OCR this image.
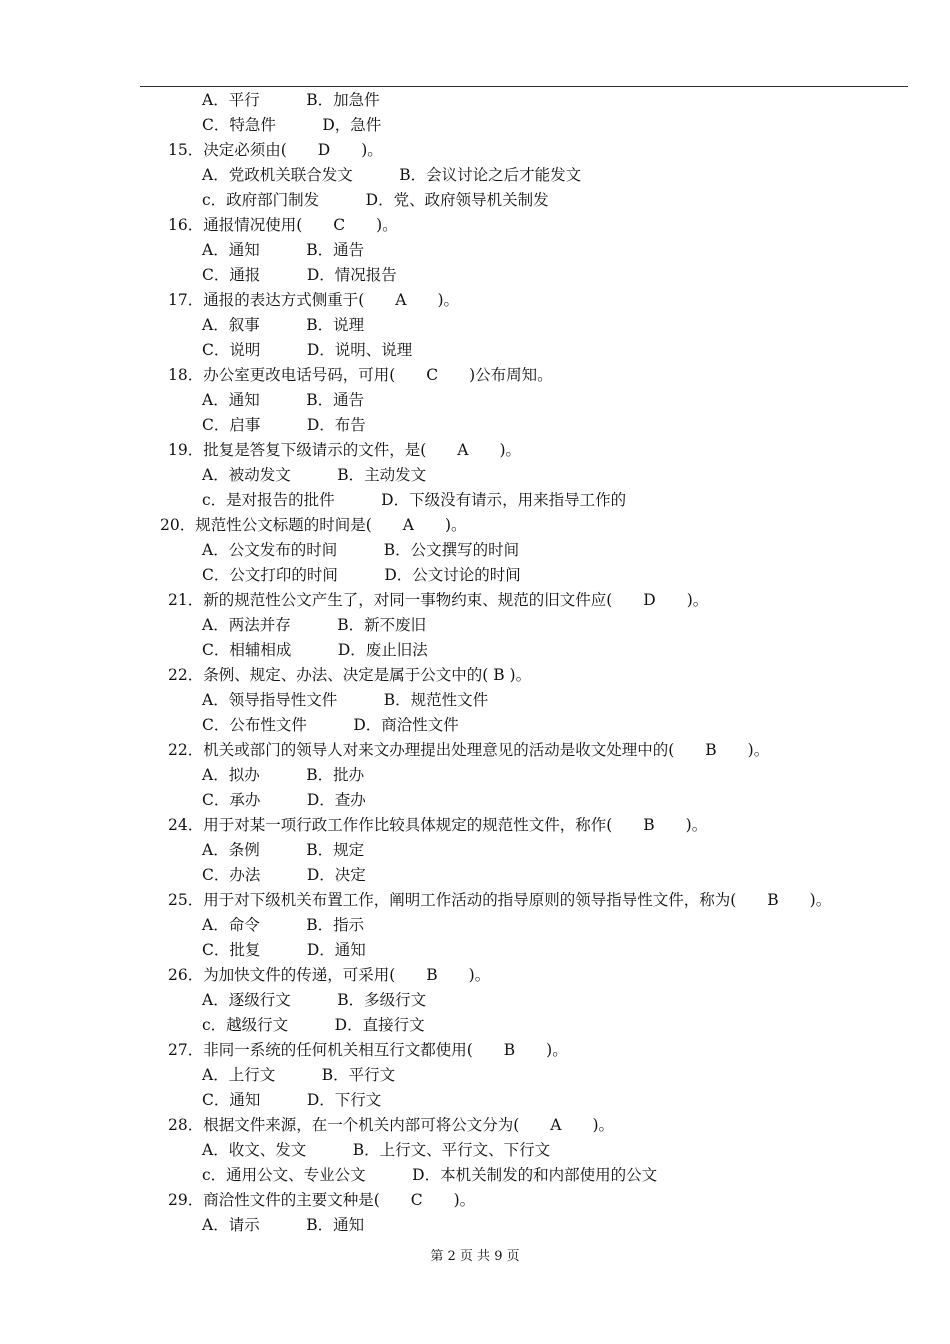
A．平行　　　B．加急件
C．特急件　　　D，急件
15．决定必须由(　　D　　)。
A．党政机关联合发文　　　B．会议讨论之后才能发文
c．政府部门制发　　　D．党、政府领导机关制发
16．通报情况使用(　　C　　)。
A．通知　　　B．通告
C．通报　　　D．情况报告
17．通报的表达方式侧重于(　　A　　)。
A．叙事　　　B．说理
C．说明　　　D．说明、说理
18．办公室更改电话号码，可用(　　C　　)公布周知。
A．通知　　　B．通告
C．启事　　　D．布告
19．批复是答复下级请示的文件，是(　　A　　)。
A．被动发文　　　B．主动发文
c．是对报告的批件　　　D．下级没有请示，用来指导工作的
20．规范性公文标题的时间是(　　A　　)。
A．公文发布的时间　　　B．公文撰写的时间
C．公文打印的时间　　　D．公文讨论的时间
21．新的规范性公文产生了，对同一事物约束、规范的旧文件应(　　D　　)。
A．两法并存　　　B．新不废旧
C．相辅相成　　　D．废止旧法
22．条例、规定、办法、决定是属于公文中的( B )。
A．领导指导性文件　　　B．规范性文件
C．公布性文件　　　D．商洽性文件
22．机关或部门的领导人对来文办理提出处理意见的活动是收文处理中的(　　B　　)。
A．拟办　　　B．批办
C．承办　　　D．查办
24．用于对某一项行政工作作比较具体规定的规范性文件，称作(　　B　　)。
A．条例　　　B．规定
C．办法　　　D．决定
25．用于对下级机关布置工作，阐明工作活动的指导原则的领导指导性文件，称为(　　B　　)。
A．命令　　　B．指示
C．批复　　　D．通知
26．为加快文件的传递，可采用(　　B　　)。
A．逐级行文　　　B．多级行文
c．越级行文　　　D．直接行文
27．非同一系统的任何机关相互行文都使用(　　B　　)。
A．上行文　　　B．平行文
C．通知　　　D．下行文
28．根据文件来源，在一个机关内部可将公文分为(　　A　　)。
A．收文、发文　　　B．上行文、平行文、下行文
c．通用公文、专业公文　　　D．本机关制发的和内部使用的公文
29．商洽性文件的主要文种是(　　C　　)。
A．请示　　　B．通知
第 2 页 共 9 页
